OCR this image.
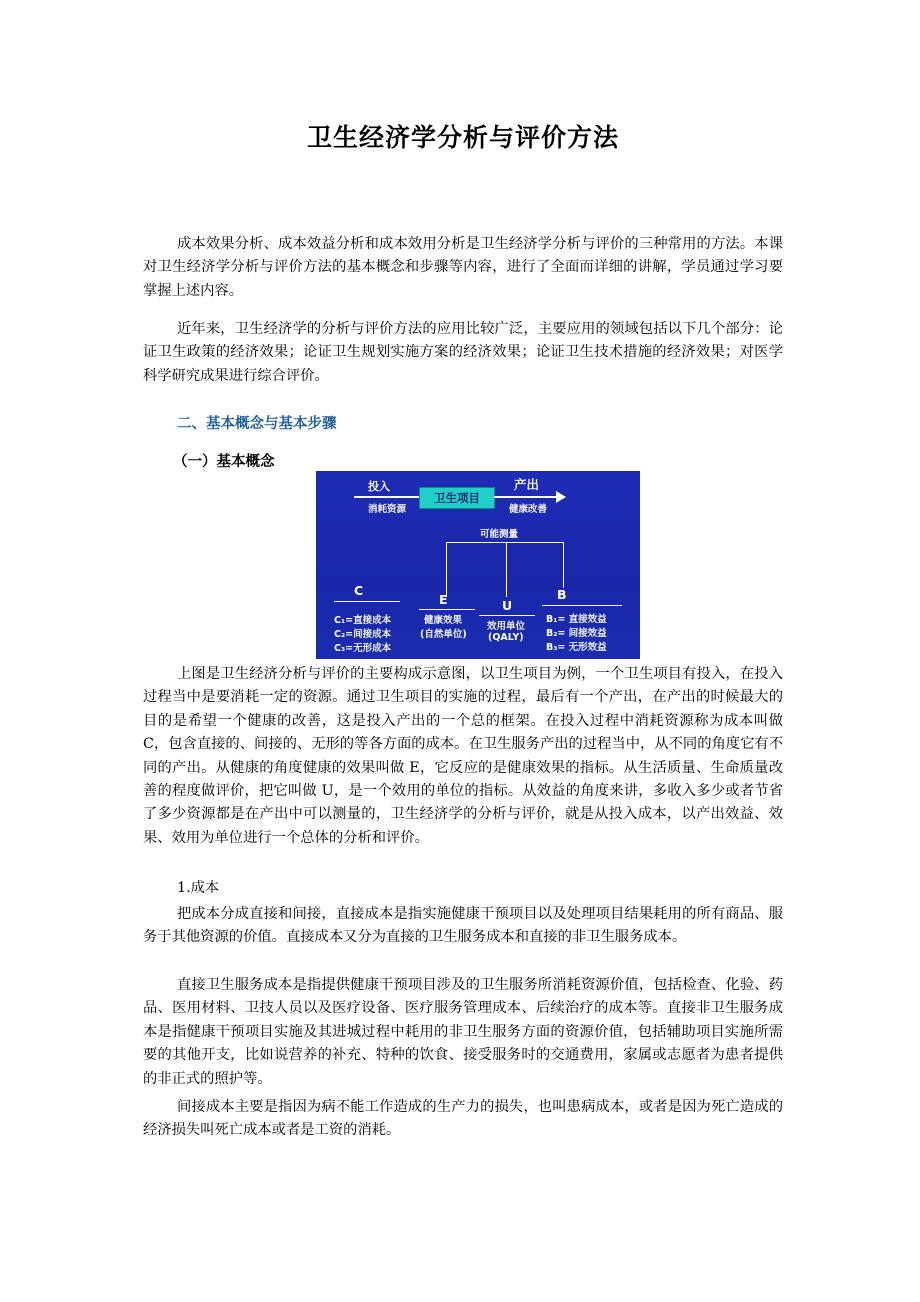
卫生经济学分析与评价方法

成本效果分析、成本效益分析和成本效用分析是卫生经济学分析与评价的三种常用的方法。本课对卫生经济学分析与评价方法的基本概念和步骤等内容，进行了全面而详细的讲解，学员通过学习要掌握上述内容。

近年来，卫生经济学的分析与评价方法的应用比较广泛，主要应用的领域包括以下几个部分：论证卫生政策的经济效果；论证卫生规划实施方案的经济效果；论证卫生技术措施的经济效果；对医学科学研究成果进行综合评价。

二、基本概念与基本步骤

（一）基本概念

投入
消耗资源
卫生项目
产出
健康改善
可能测量
C
C₁=直接成本
C₂=间接成本
C₃=无形成本
E
健康效果
(自然单位)
U
效用单位
(QALY)
B
B₁= 直接效益
B₂= 间接效益
B₃= 无形效益

上图是卫生经济分析与评价的主要构成示意图，以卫生项目为例，一个卫生项目有投入，在投入过程当中是要消耗一定的资源。通过卫生项目的实施的过程，最后有一个产出，在产出的时候最大的目的是希望一个健康的改善，这是投入产出的一个总的框架。在投入过程中消耗资源称为成本叫做 C，包含直接的、间接的、无形的等各方面的成本。在卫生服务产出的过程当中，从不同的角度它有不同的产出。从健康的角度健康的效果叫做 E，它反应的是健康效果的指标。从生活质量、生命质量改善的程度做评价，把它叫做 U，是一个效用的单位的指标。从效益的角度来讲，多收入多少或者节省了多少资源都是在产出中可以测量的，卫生经济学的分析与评价，就是从投入成本，以产出效益、效果、效用为单位进行一个总体的分析和评价。

1.成本

把成本分成直接和间接，直接成本是指实施健康干预项目以及处理项目结果耗用的所有商品、服务于其他资源的价值。直接成本又分为直接的卫生服务成本和直接的非卫生服务成本。

直接卫生服务成本是指提供健康干预项目涉及的卫生服务所消耗资源价值，包括检查、化验、药品、医用材料、卫技人员以及医疗设备、医疗服务管理成本、后续治疗的成本等。直接非卫生服务成本是指健康干预项目实施及其进城过程中耗用的非卫生服务方面的资源价值，包括辅助项目实施所需要的其他开支，比如说营养的补充、特种的饮食、接受服务时的交通费用，家属或志愿者为患者提供的非正式的照护等。

间接成本主要是指因为病不能工作造成的生产力的损失，也叫患病成本，或者是因为死亡造成的经济损失叫死亡成本或者是工资的消耗。
